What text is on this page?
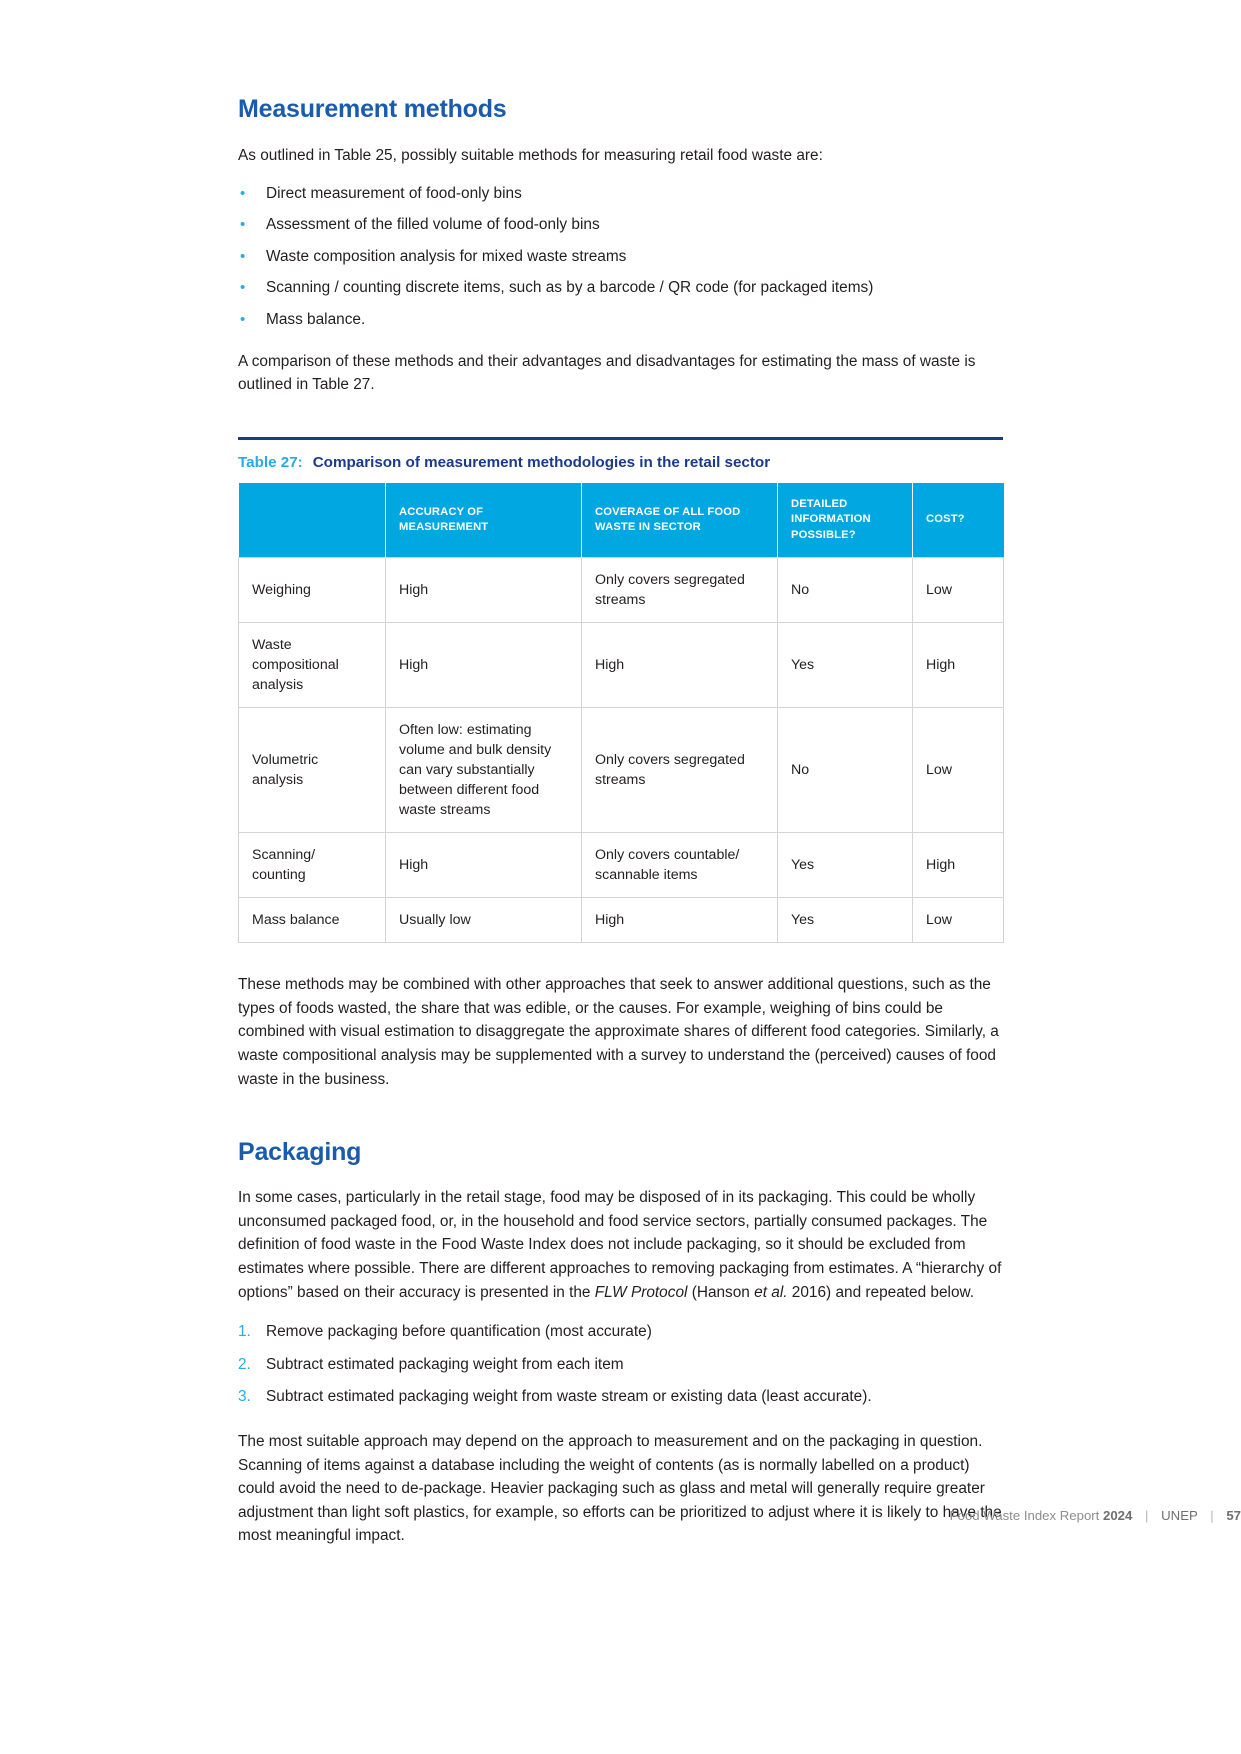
Measurement methods

As outlined in Table 25, possibly suitable methods for measuring retail food waste are:

• Direct measurement of food-only bins
• Assessment of the filled volume of food-only bins
• Waste composition analysis for mixed waste streams
• Scanning / counting discrete items, such as by a barcode / QR code (for packaged items)
• Mass balance.

A comparison of these methods and their advantages and disadvantages for estimating the mass of waste is outlined in Table 27.

Table 27: Comparison of measurement methodologies in the retail sector
	ACCURACY OF MEASUREMENT	COVERAGE OF ALL FOOD WASTE IN SECTOR	DETAILED INFORMATION POSSIBLE?	COST?
Weighing	High	Only covers segregated streams	No	Low
Waste compositional analysis	High	High	Yes	High
Volumetric analysis	Often low: estimating volume and bulk density can vary substantially between different food waste streams	Only covers segregated streams	No	Low
Scanning/ counting	High	Only covers countable/ scannable items	Yes	High
Mass balance	Usually low	High	Yes	Low

These methods may be combined with other approaches that seek to answer additional questions, such as the types of foods wasted, the share that was edible, or the causes. For example, weighing of bins could be combined with visual estimation to disaggregate the approximate shares of different food categories. Similarly, a waste compositional analysis may be supplemented with a survey to understand the (perceived) causes of food waste in the business.

Packaging

In some cases, particularly in the retail stage, food may be disposed of in its packaging. This could be wholly unconsumed packaged food, or, in the household and food service sectors, partially consumed packages. The definition of food waste in the Food Waste Index does not include packaging, so it should be excluded from estimates where possible. There are different approaches to removing packaging from estimates. A “hierarchy of options” based on their accuracy is presented in the FLW Protocol (Hanson et al. 2016) and repeated below.

1. Remove packaging before quantification (most accurate)
2. Subtract estimated packaging weight from each item
3. Subtract estimated packaging weight from waste stream or existing data (least accurate).

The most suitable approach may depend on the approach to measurement and on the packaging in question. Scanning of items against a database including the weight of contents (as is normally labelled on a product) could avoid the need to de-package. Heavier packaging such as glass and metal will generally require greater adjustment than light soft plastics, for example, so efforts can be prioritized to adjust where it is likely to have the most meaningful impact.

Food Waste Index Report 2024 | UNEP | 57
